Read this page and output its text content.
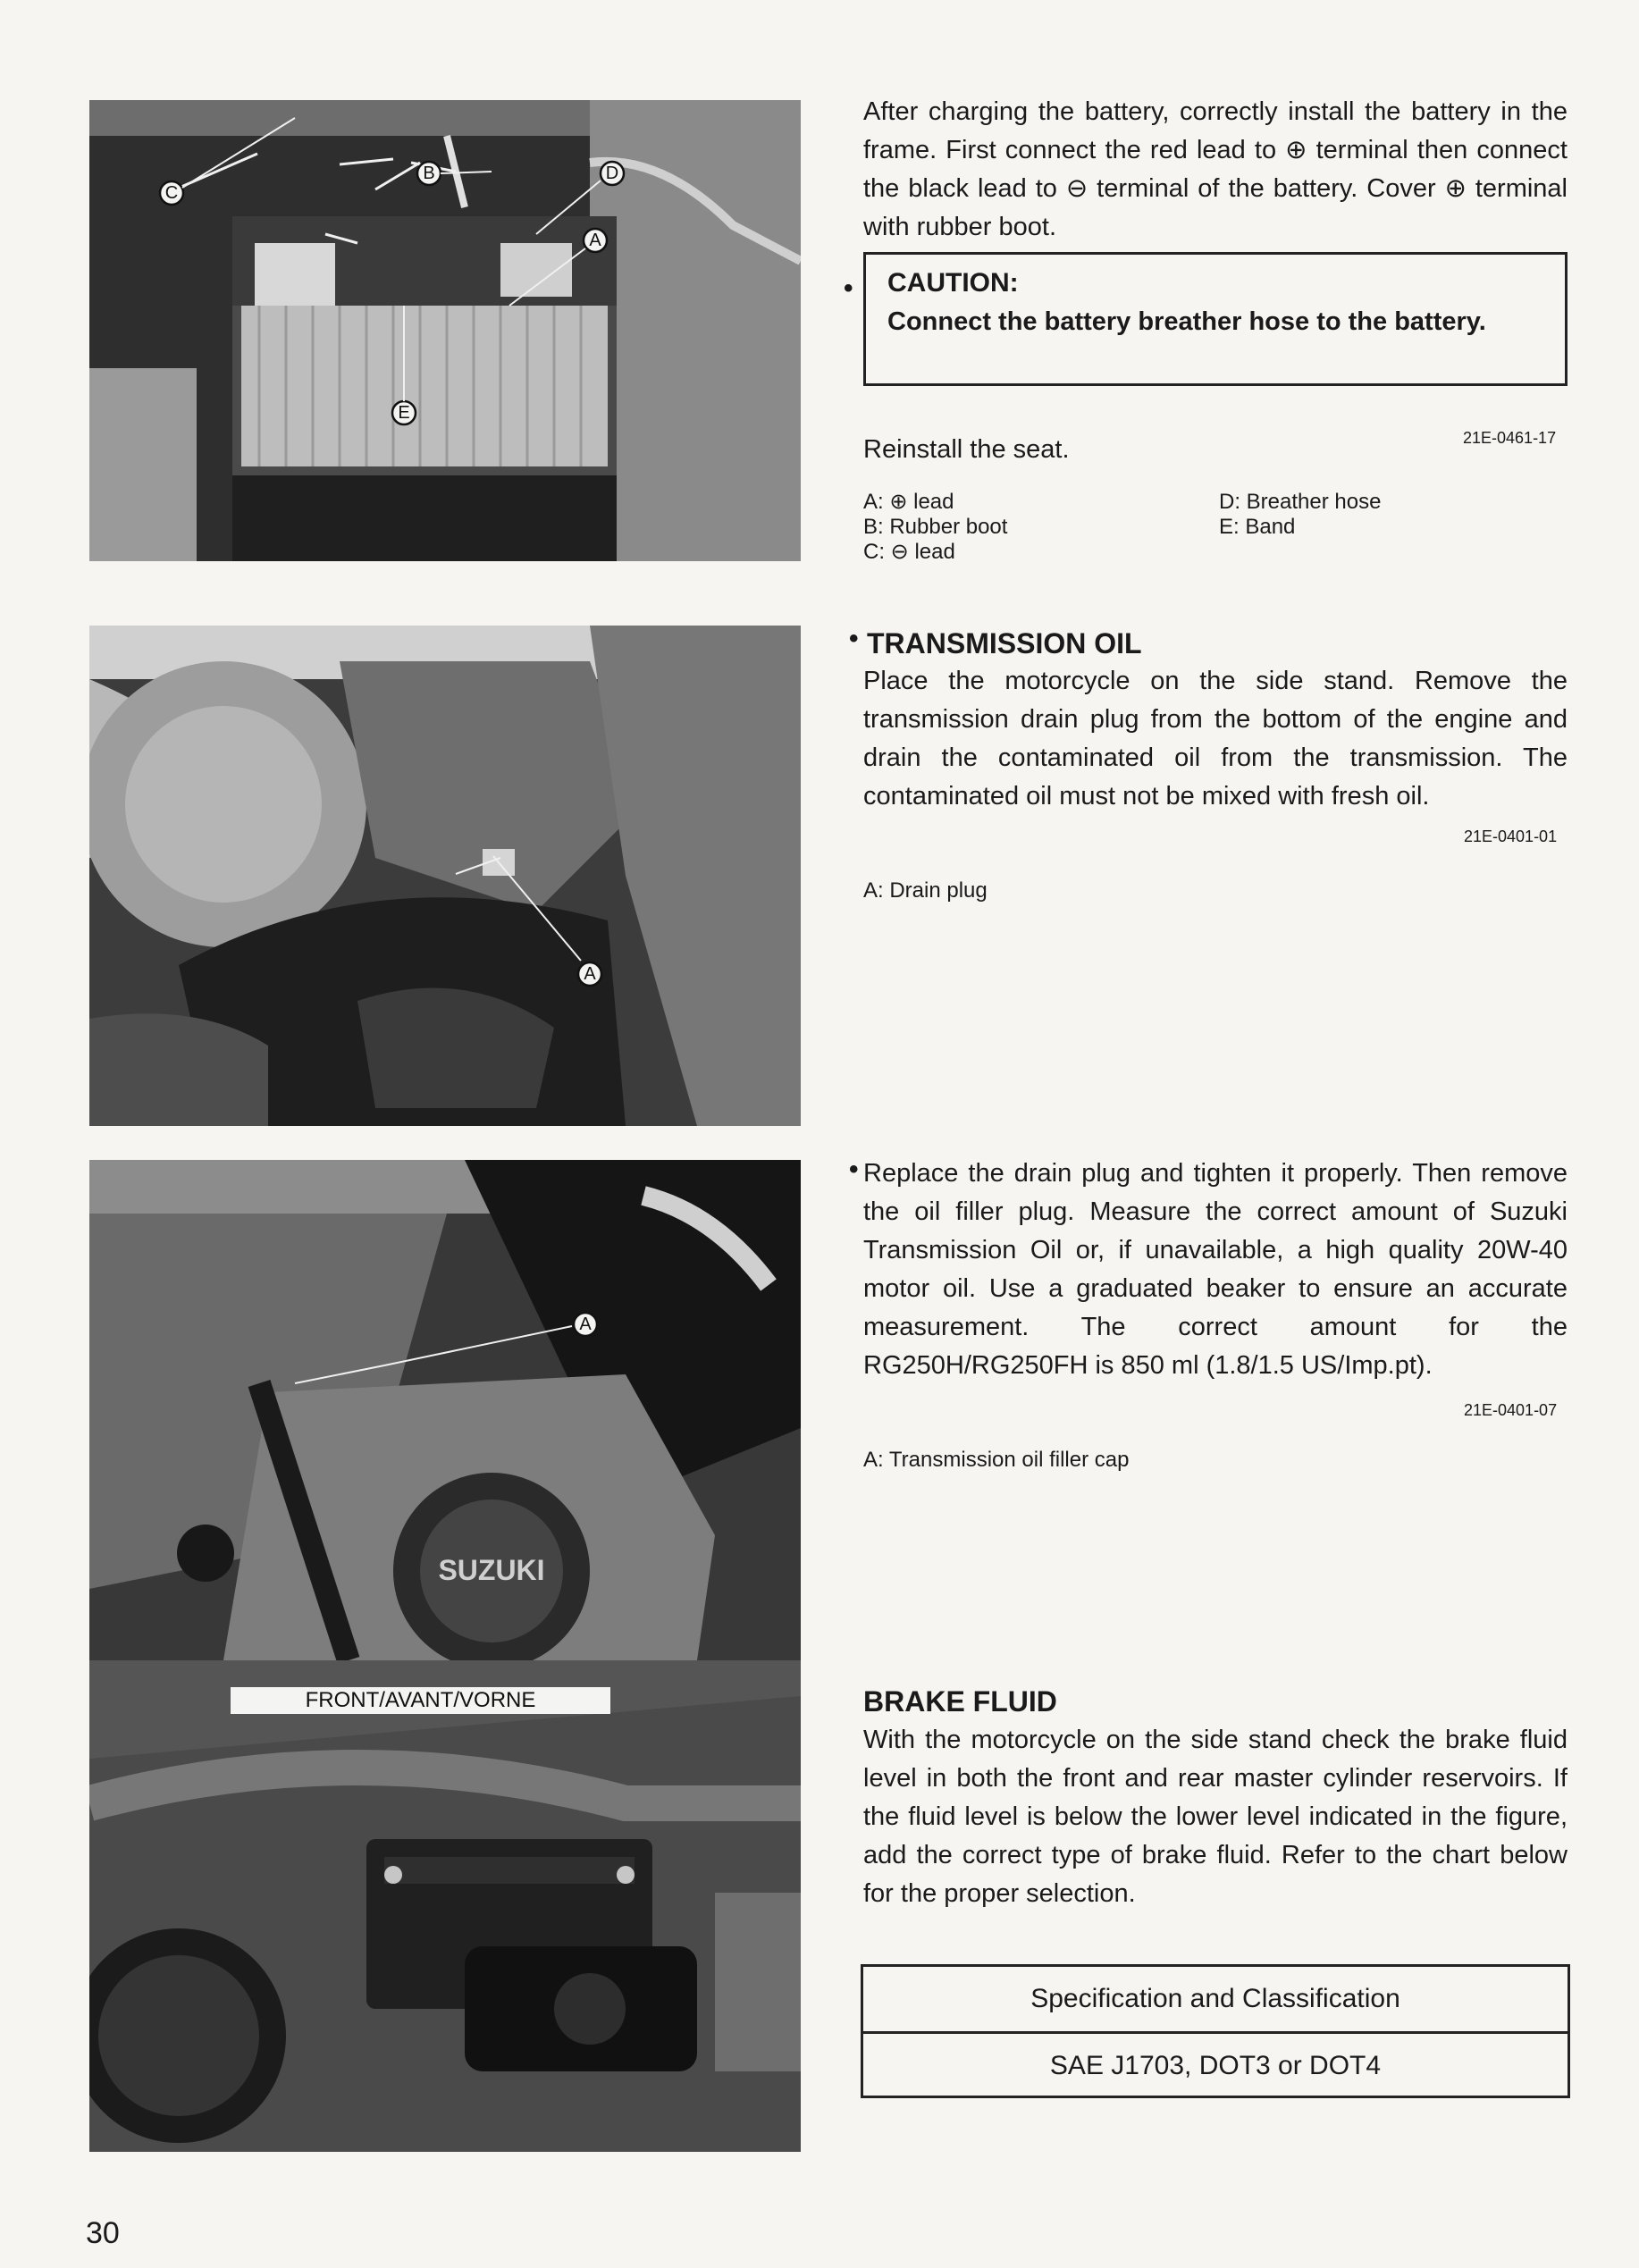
B	D
C
A
E
A
SUZUKI
A
FRONT/AVANT/VORNE
After charging the battery, correctly install the battery in the frame. First connect the red lead to ⊕ terminal then connect the black lead to ⊖ terminal of the battery. Cover ⊕ terminal with rubber boot.
• CAUTION:
Connect the battery breather hose to the battery.
Reinstall the seat.	21E-0461-17
A: ⊕ lead
B: Rubber boot
C: ⊖ lead
D: Breather hose
E: Band
• TRANSMISSION OIL
Place the motorcycle on the side stand. Remove the transmission drain plug from the bottom of the engine and drain the contaminated oil from the transmission. The contaminated oil must not be mixed with fresh oil.
21E-0401-01
A: Drain plug
• Replace the drain plug and tighten it properly. Then remove the oil filler plug. Measure the correct amount of Suzuki Transmission Oil or, if unavailable, a high quality 20W-40 motor oil. Use a graduated beaker to ensure an accurate measurement. The correct amount for the RG250H/RG250FH is 850 ml (1.8/1.5 US/Imp.pt).
21E-0401-07
A: Transmission oil filler cap
BRAKE FLUID
With the motorcycle on the side stand check the brake fluid level in both the front and rear master cylinder reservoirs. If the fluid level is below the lower level indicated in the figure, add the correct type of brake fluid. Refer to the chart below for the proper selection.
Specification and Classification
SAE J1703, DOT3 or DOT4
30
